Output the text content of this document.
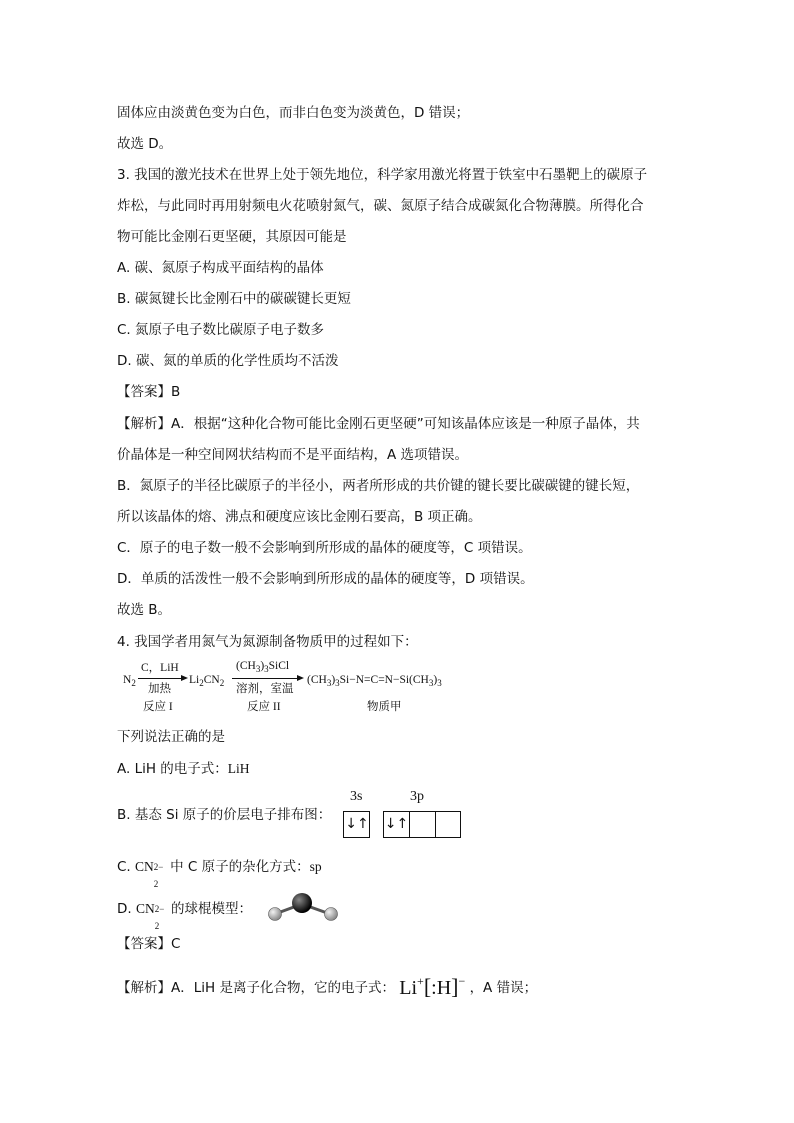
固体应由淡黄色变为白色，而非白色变为淡黄色，D 错误；
故选 D。
3. 我国的激光技术在世界上处于领先地位，科学家用激光将置于铁室中石墨靶上的碳原子
炸松，与此同时再用射频电火花喷射氮气，碳、氮原子结合成碳氮化合物薄膜。所得化合
物可能比金刚石更坚硬，其原因可能是
A. 碳、氮原子构成平面结构的晶体
B. 碳氮键长比金刚石中的碳碳键长更短
C. 氮原子电子数比碳原子电子数多
D. 碳、氮的单质的化学性质均不活泼
【答案】B
【解析】A．根据“这种化合物可能比金刚石更坚硬”可知该晶体应该是一种原子晶体，共
价晶体是一种空间网状结构而不是平面结构，A 选项错误。
B．氮原子的半径比碳原子的半径小，两者所形成的共价键的键长要比碳碳键的键长短，
所以该晶体的熔、沸点和硬度应该比金刚石要高，B 项正确。
C．原子的电子数一般不会影响到所形成的晶体的硬度等，C 项错误。
D．单质的活泼性一般不会影响到所形成的晶体的硬度等，D 项错误。
故选 B。
4. 我国学者用氮气为氮源制备物质甲的过程如下：
$N_2$
C，LiH
加热
$Li_2CN_2$
$(CH_3)_3SiCl$
溶剂，室温
$(CH_3)_3Si-N=C=N-Si(CH_3)_3$
反应 I	反应 II	物质甲
下列说法正确的是
A. LiH 的电子式：LiH
B. 基态 Si 原子的价层电子排布图：
3s	3p
↓↑ ↓↑
C. CN 2−
2
中 C 原子的杂化方式：sp
D. CN 2−
2
的球棍模型：
【答案】C
【解析】A．LiH 是离子化合物，它的电子式： Li+[:H]− ，A 错误；
